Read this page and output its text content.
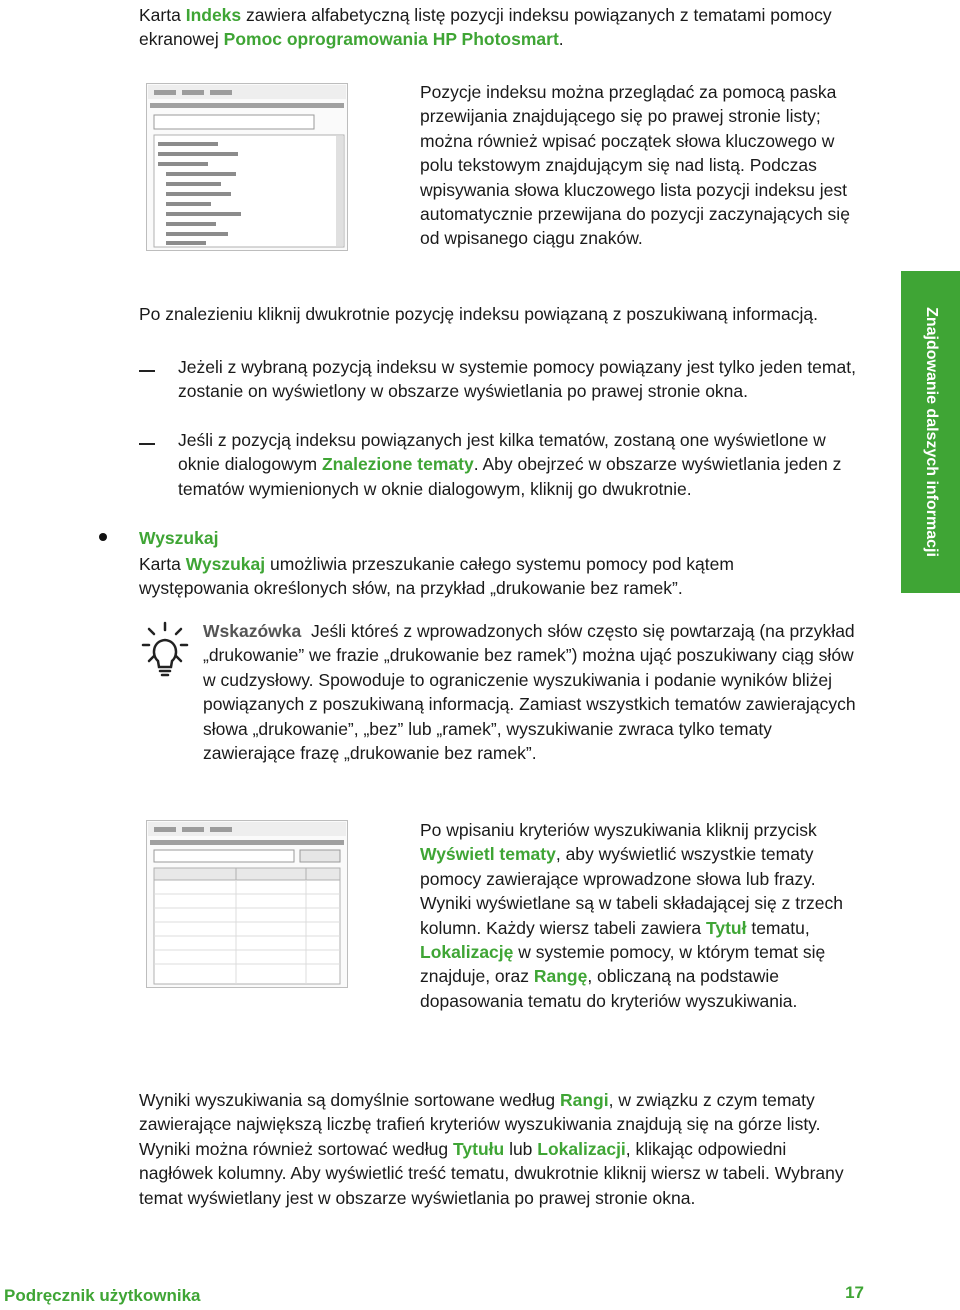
Karta Indeks zawiera alfabetyczną listę pozycji indeksu powiązanych z tematami pomocy ekranowej Pomoc oprogramowania HP Photosmart.

Pozycje indeksu można przeglądać za pomocą paska przewijania znajdującego się po prawej stronie listy; można również wpisać początek słowa kluczowego w polu tekstowym znajdującym się nad listą. Podczas wpisywania słowa kluczowego lista pozycji indeksu jest automatycznie przewijana do pozycji zaczynających się od wpisanego ciągu znaków.

Po znalezieniu kliknij dwukrotnie pozycję indeksu powiązaną z poszukiwaną informacją.

Jeżeli z wybraną pozycją indeksu w systemie pomocy powiązany jest tylko jeden temat, zostanie on wyświetlony w obszarze wyświetlania po prawej stronie okna.

Jeśli z pozycją indeksu powiązanych jest kilka tematów, zostaną one wyświetlone w oknie dialogowym Znalezione tematy. Aby obejrzeć w obszarze wyświetlania jeden z tematów wymienionych w oknie dialogowym, kliknij go dwukrotnie.

Wyszukaj

Karta Wyszukaj umożliwia przeszukanie całego systemu pomocy pod kątem występowania określonych słów, na przykład „drukowanie bez ramek”.

Wskazówka Jeśli któreś z wprowadzonych słów często się powtarzają (na przykład „drukowanie” we frazie „drukowanie bez ramek”) można ująć poszukiwany ciąg słów w cudzysłowy. Spowoduje to ograniczenie wyszukiwania i podanie wyników bliżej powiązanych z poszukiwaną informacją. Zamiast wszystkich tematów zawierających słowa „drukowanie”, „bez” lub „ramek”, wyszukiwanie zwraca tylko tematy zawierające frazę „drukowanie bez ramek”.

Po wpisaniu kryteriów wyszukiwania kliknij przycisk Wyświetl tematy, aby wyświetlić wszystkie tematy pomocy zawierające wprowadzone słowa lub frazy. Wyniki wyświetlane są w tabeli składającej się z trzech kolumn. Każdy wiersz tabeli zawiera Tytuł tematu, Lokalizację w systemie pomocy, w którym temat się znajduje, oraz Rangę, obliczaną na podstawie dopasowania tematu do kryteriów wyszukiwania.

Wyniki wyszukiwania są domyślnie sortowane według Rangi, w związku z czym tematy zawierające największą liczbę trafień kryteriów wyszukiwania znajdują się na górze listy. Wyniki można również sortować według Tytułu lub Lokalizacji, klikając odpowiedni nagłówek kolumny. Aby wyświetlić treść tematu, dwukrotnie kliknij wiersz w tabeli. Wybrany temat wyświetlany jest w obszarze wyświetlania po prawej stronie okna.

Znajdowanie dalszych informacji
Podręcznik użytkownika	17
